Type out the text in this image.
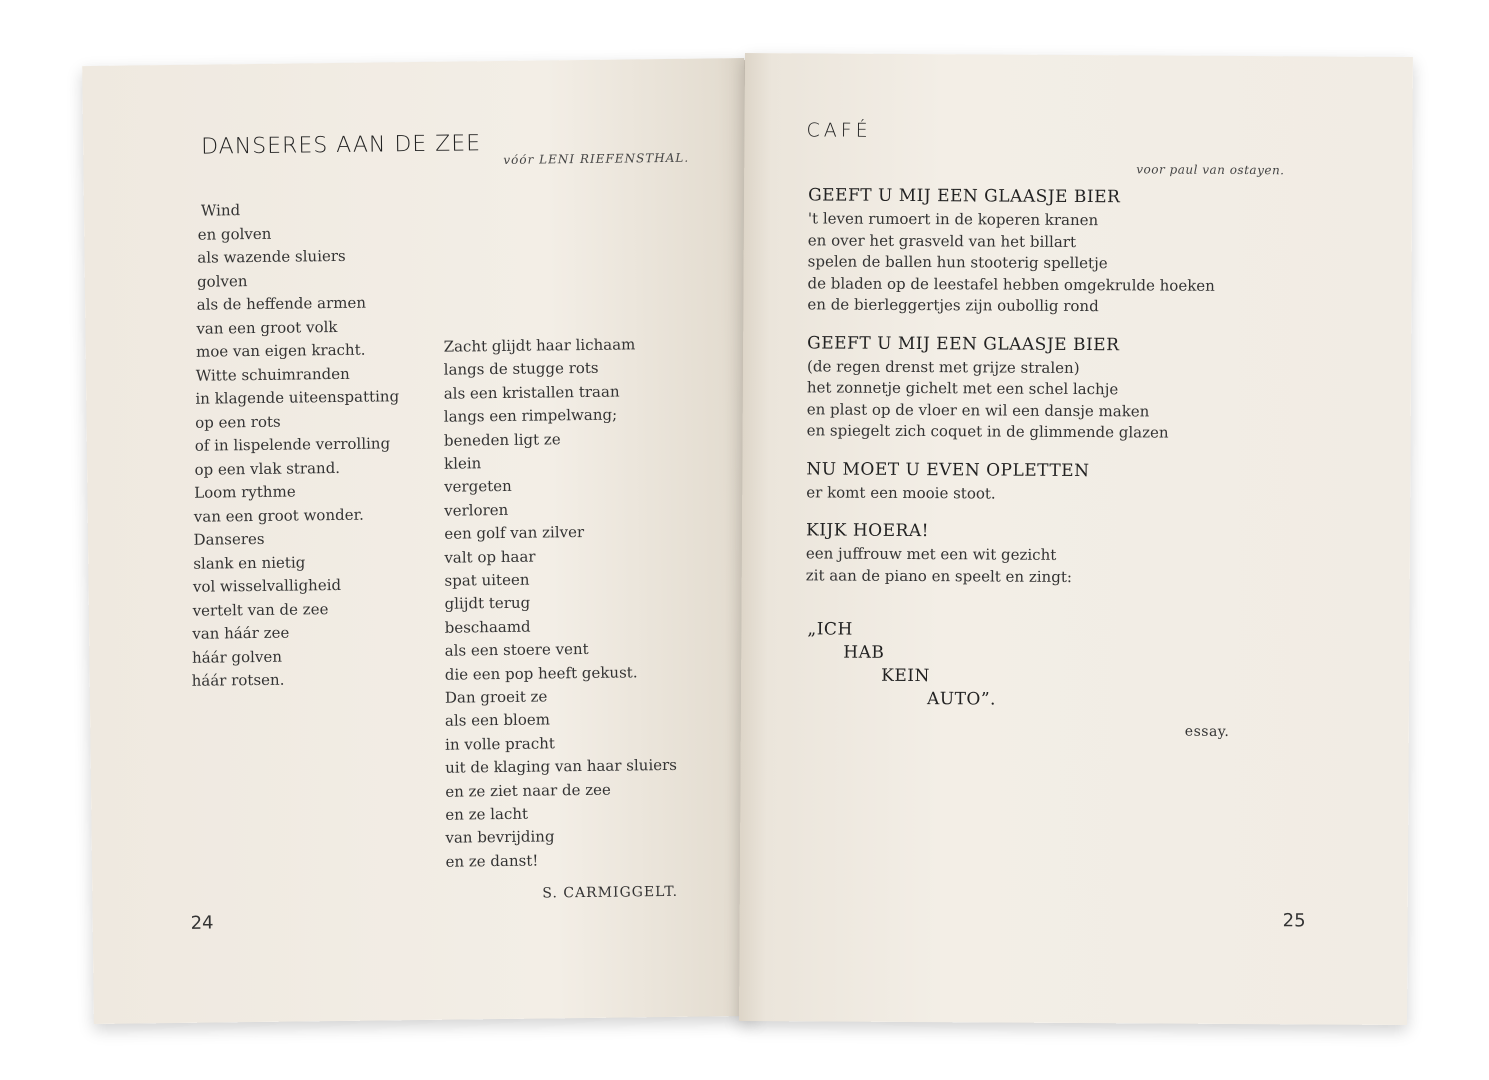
DANSERES AAN DE ZEE vóór LENI RIEFENSTHAL.
Wind
en golven
als wazende sluiers
golven
als de heffende armen
van een groot volk
moe van eigen kracht.
Witte schuimranden
in klagende uiteenspatting
op een rots
of in lispelende verrolling
op een vlak strand.
Loom rythme
van een groot wonder.
Danseres
slank en nietig
vol wisselvalligheid
vertelt van de zee
van háár zee
háár golven
háár rotsen.
Zacht glijdt haar lichaam
langs de stugge rots
als een kristallen traan
langs een rimpelwang;
beneden ligt ze
klein
vergeten
verloren
een golf van zilver
valt op haar
spat uiteen
glijdt terug
beschaamd
als een stoere vent
die een pop heeft gekust.
Dan groeit ze
als een bloem
in volle pracht
uit de klaging van haar sluiers
en ze ziet naar de zee
en ze lacht
van bevrijding
en ze danst!
S. CARMIGGELT.
24
CAFÉ
voor paul van ostayen.
GEEFT U MIJ EEN GLAASJE BIER
't leven rumoert in de koperen kranen
en over het grasveld van het billart
spelen de ballen hun stooterig spelletje
de bladen op de leestafel hebben omgekrulde hoeken
en de bierleggertjes zijn oubollig rond
GEEFT U MIJ EEN GLAASJE BIER
(de regen drenst met grijze stralen)
het zonnetje gichelt met een schel lachje
en plast op de vloer en wil een dansje maken
en spiegelt zich coquet in de glimmende glazen
NU MOET U EVEN OPLETTEN
er komt een mooie stoot.
KIJK HOERA!
een juffrouw met een wit gezicht
zit aan de piano en speelt en zingt:
„ICH
HAB
KEIN
AUTO”.
essay.
25
